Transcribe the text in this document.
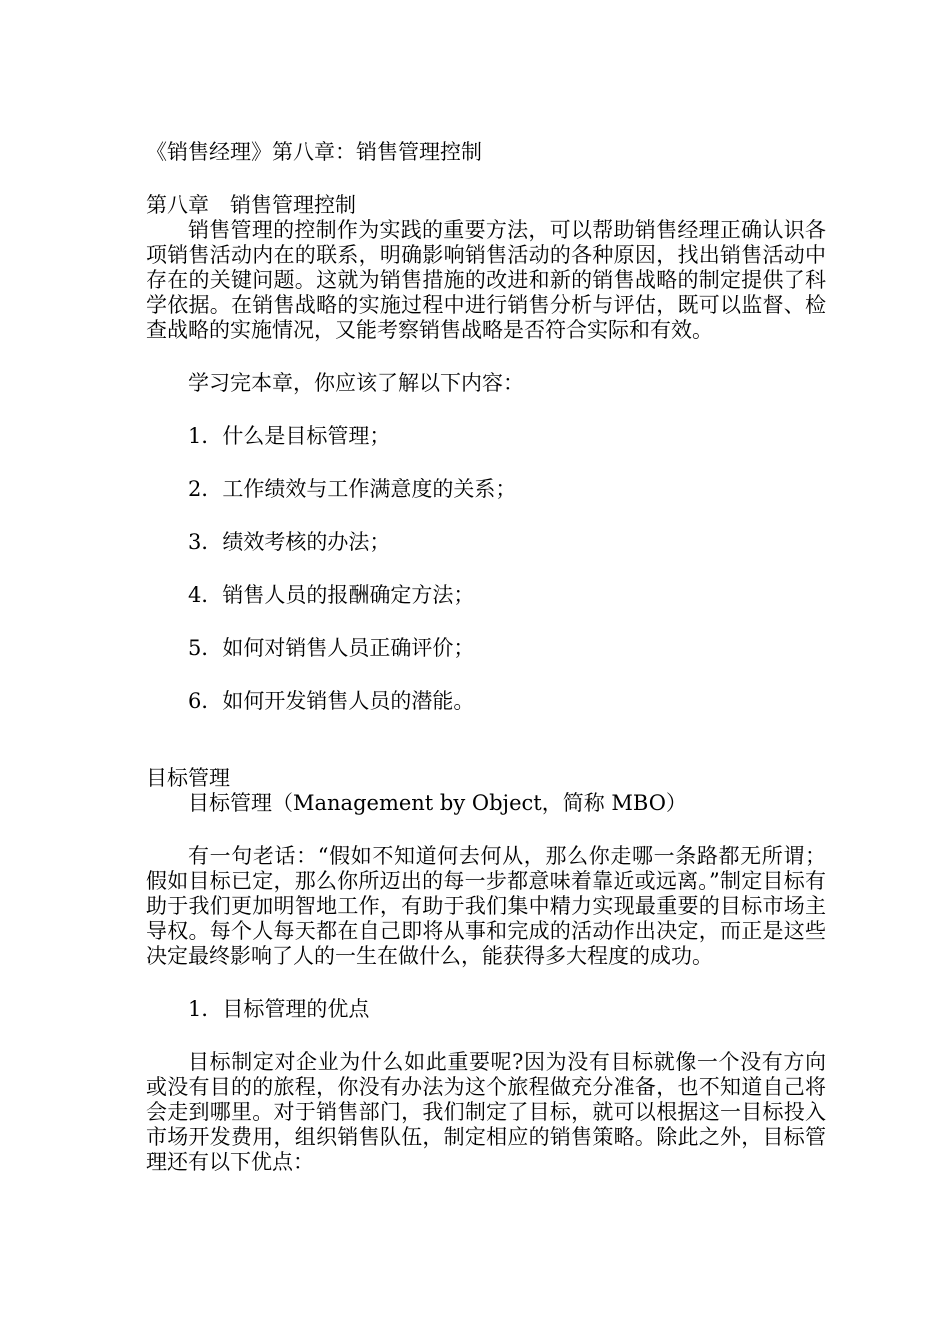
《销售经理》第八章：销售管理控制

第八章　销售管理控制

销售管理的控制作为实践的重要方法，可以帮助销售经理正确认识各项销售活动内在的联系，明确影响销售活动的各种原因，找出销售活动中存在的关键问题。这就为销售措施的改进和新的销售战略的制定提供了科学依据。在销售战略的实施过程中进行销售分析与评估，既可以监督、检查战略的实施情况，又能考察销售战略是否符合实际和有效。

学习完本章，你应该了解以下内容：

1．什么是目标管理；

2．工作绩效与工作满意度的关系；

3．绩效考核的办法；

4．销售人员的报酬确定方法；

5．如何对销售人员正确评价；

6．如何开发销售人员的潜能。

目标管理

目标管理（Management by Object，简称 MBO）

有一句老话：“假如不知道何去何从，那么你走哪一条路都无所谓；假如目标已定，那么你所迈出的每一步都意味着靠近或远离。”制定目标有助于我们更加明智地工作，有助于我们集中精力实现最重要的目标市场主导权。每个人每天都在自己即将从事和完成的活动作出决定，而正是这些决定最终影响了人的一生在做什么，能获得多大程度的成功。

1．目标管理的优点

目标制定对企业为什么如此重要呢?因为没有目标就像一个没有方向或没有目的的旅程，你没有办法为这个旅程做充分准备，也不知道自己将会走到哪里。对于销售部门，我们制定了目标，就可以根据这一目标投入市场开发费用，组织销售队伍，制定相应的销售策略。除此之外，目标管理还有以下优点：
